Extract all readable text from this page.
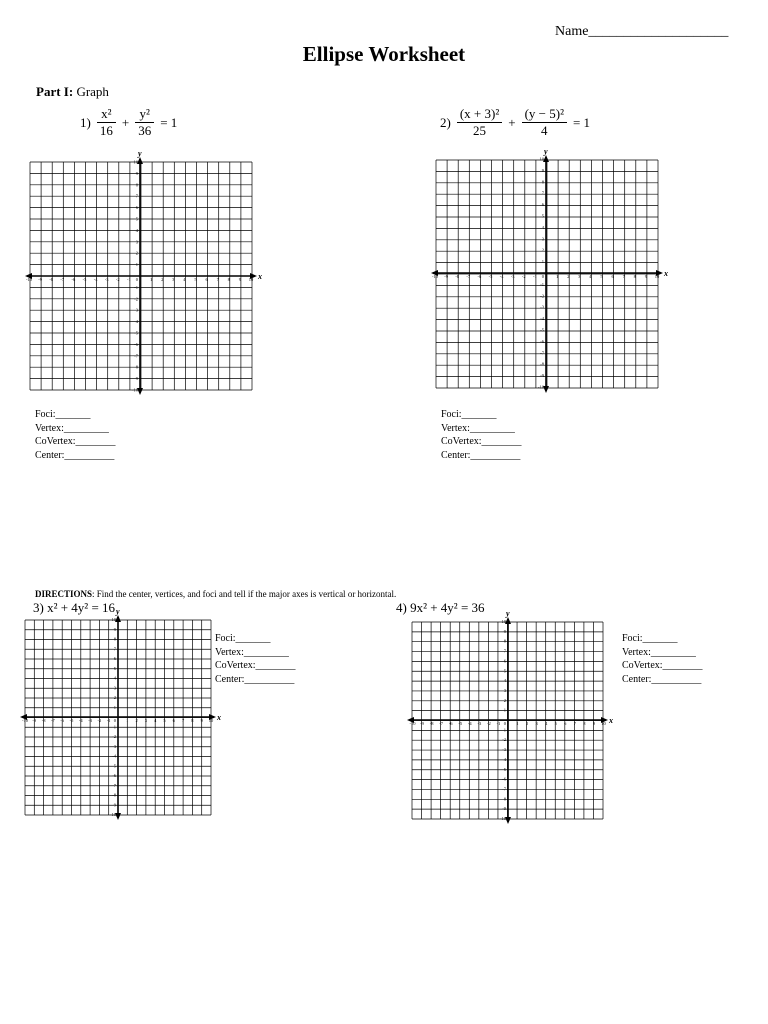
Name____________________
Ellipse Worksheet
Part I: Graph
$1) \frac{\text{x²}}{16} + \frac{\text{y²}}{36} = 1$	$2) \frac{\text{(x + 3)²}}{25} + \frac{\text{(y − 5)²}}{4} = 1$
x
y
-10
-10
-9
-9
-8
-8
-7
-7
-6
-6
-5
-5
-4
-4
-3
-3
-2
-2
-1
-1
1
1
2
2
3
3
4
4
5
5
6
6
7
7
8
8
9
9
10
10
0
x
y
-10
-10
-9
-9
-8
-8
-7
-7
-6
-6
-5
-5
-4
-4
-3
-3
-2
-2
-1
-1
1
1
2
2
3
3
4
4
5
5
6
6
7
7
8
8
9
9
10
10
0
x
y
-10
-10
-9
-9
-8
-8
-7
-7
-6
-6
-5
-5
-4
-4
-3
-3
-2
-2
-1
-1
1
1
2
2
3
3
4
4
5
5
6
6
7
7
8
8
9
9
10
10
0	x
y
-10
-10
-9
-9
-8
-8
-7
-7
-6
-6
-5
-5
-4
-4
-3
-3
-2
-2
-1
-1
1
1
2
2
3
3
4
4
5
5
6
6
7
7
8
8
9
9
10
10
0
Foci:_______
Vertex:_________
CoVertex:________
Center:__________
Foci:_______
Vertex:_________
CoVertex:________
Center:__________
DIRECTIONS: Find the center, vertices, and foci and tell if the major axes is vertical or horizontal.
3) x² + 4y² = 16	4) 9x² + 4y² = 36
Foci:_______
Vertex:_________
CoVertex:________
Center:__________
Foci:_______
Vertex:_________
CoVertex:________
Center:__________
